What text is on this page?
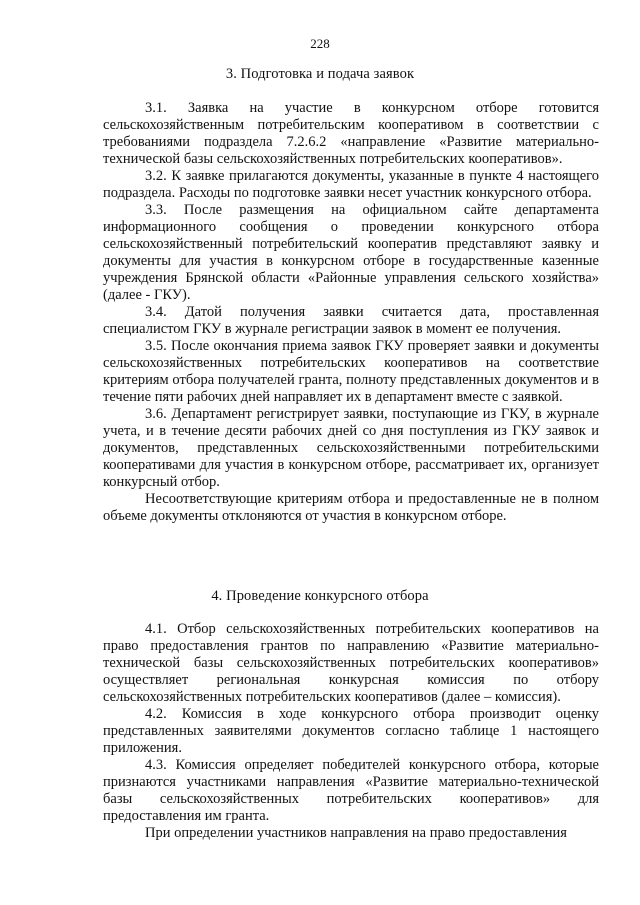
228
3. Подготовка и подача заявок

3.1. Заявка на участие в конкурсном отборе готовится сельскохозяйственным потребительским кооперативом в соответствии с требованиями подраздела 7.2.6.2 «направление «Развитие материально-технической базы сельскохозяйственных потребительских кооперативов».

3.2. К заявке прилагаются документы, указанные в пункте 4 настоящего подраздела. Расходы по подготовке заявки несет участник конкурсного отбора.

3.3. После размещения на официальном сайте департамента информационного сообщения о проведении конкурсного отбора сельскохозяйственный потребительский кооператив представляют заявку и документы для участия в конкурсном отборе в государственные казенные учреждения Брянской области «Районные управления сельского хозяйства» (далее - ГКУ).

3.4. Датой получения заявки считается дата, проставленная специалистом ГКУ в журнале регистрации заявок в момент ее получения.

3.5. После окончания приема заявок ГКУ проверяет заявки и документы сельскохозяйственных потребительских кооперативов на соответствие критериям отбора получателей гранта, полноту представленных документов и в течение пяти рабочих дней направляет их в департамент вместе с заявкой.

3.6. Департамент регистрирует заявки, поступающие из ГКУ, в журнале учета, и в течение десяти рабочих дней со дня поступления из ГКУ заявок и документов, представленных сельскохозяйственными потребительскими кооперативами для участия в конкурсном отборе, рассматривает их, организует конкурсный отбор.

Несоответствующие критериям отбора и предоставленные не в полном объеме документы отклоняются от участия в конкурсном отборе.

4. Проведение конкурсного отбора

4.1. Отбор сельскохозяйственных потребительских кооперативов на право предоставления грантов по направлению «Развитие материально-технической базы сельскохозяйственных потребительских кооперативов» осуществляет региональная конкурсная комиссия по отбору сельскохозяйственных потребительских кооперативов (далее – комиссия).

4.2. Комиссия в ходе конкурсного отбора производит оценку представленных заявителями документов согласно таблице 1 настоящего приложения.

4.3. Комиссия определяет победителей конкурсного отбора, которые признаются участниками направления «Развитие материально-технической базы сельскохозяйственных потребительских кооперативов» для предоставления им гранта.

При определении участников направления на право предоставления
